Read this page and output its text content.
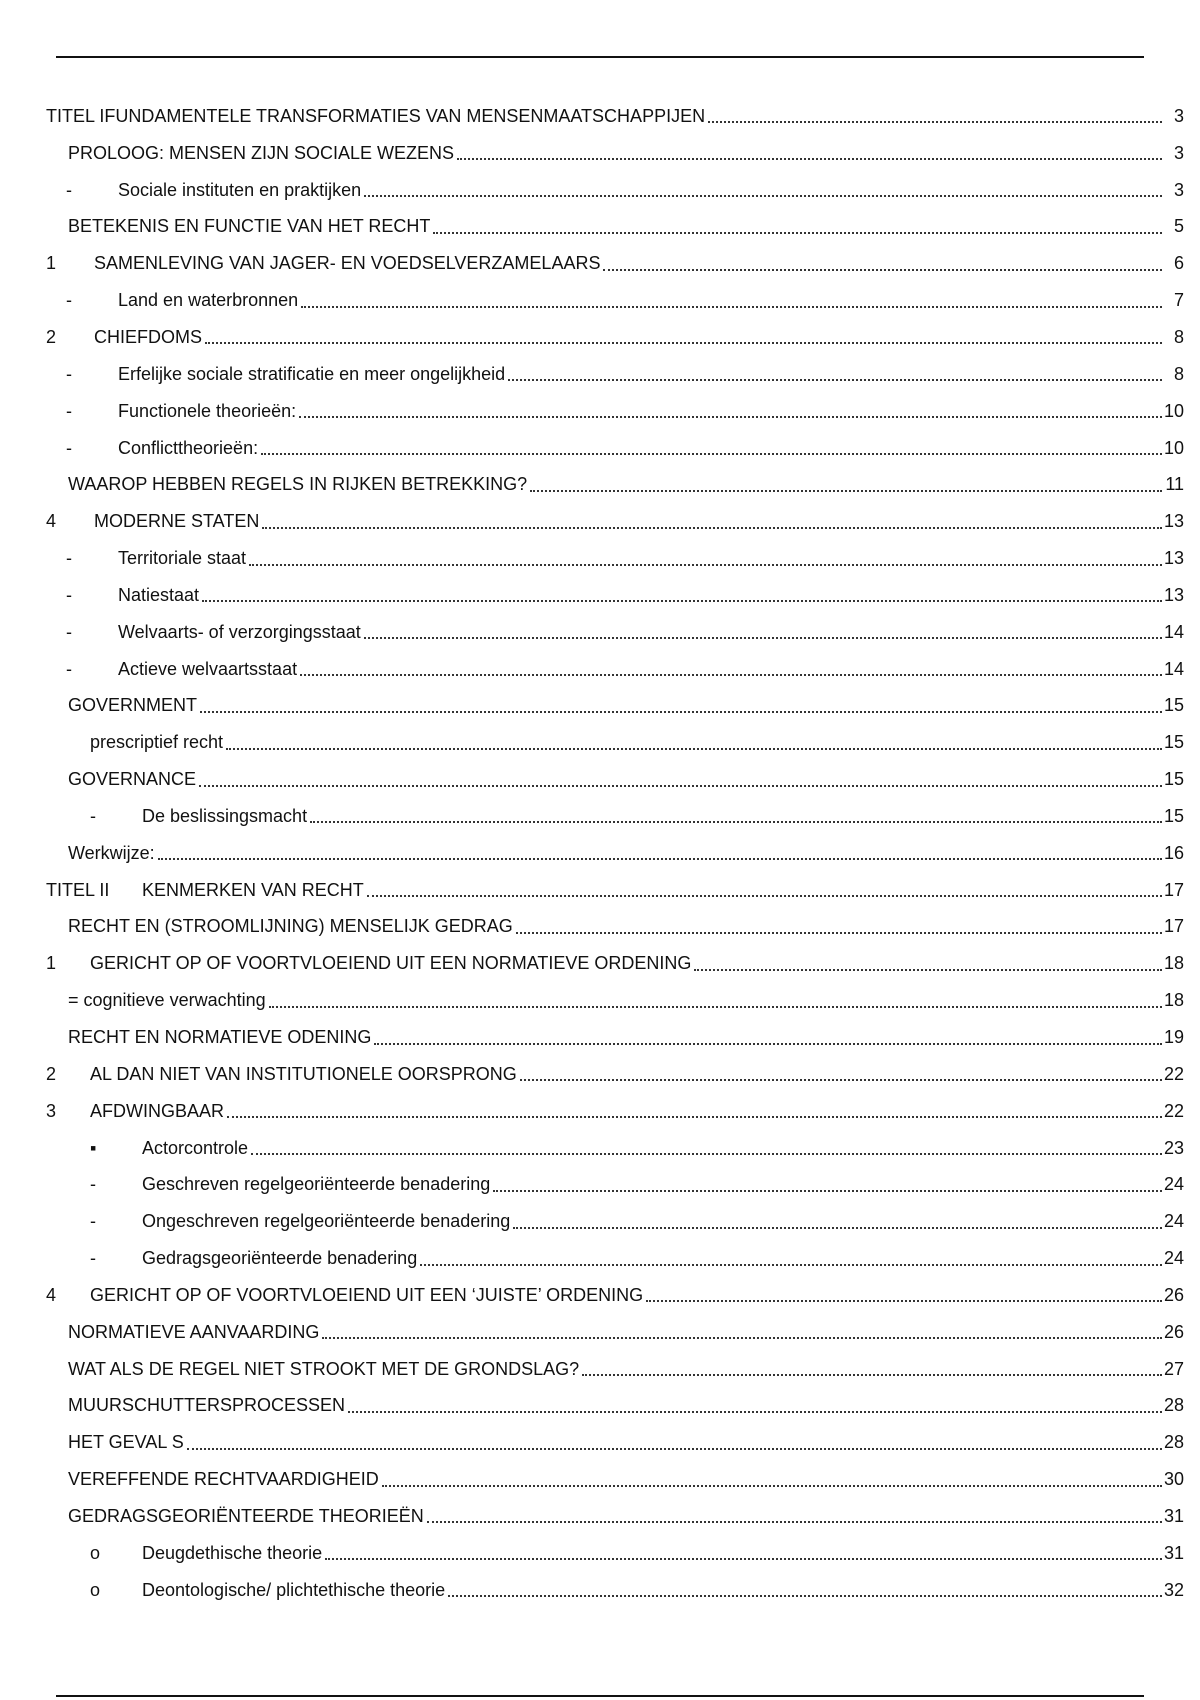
TITEL IFUNDAMENTELE TRANSFORMATIES VAN MENSENMAATSCHAPPIJEN	3
PROLOOG: MENSEN ZIJN SOCIALE WEZENS	3
-	Sociale instituten en praktijken	3
BETEKENIS EN FUNCTIE VAN HET RECHT	5
1 SAMENLEVING VAN JAGER- EN VOEDSELVERZAMELAARS	6
-	Land en waterbronnen	7
2 CHIEFDOMS	8
-	Erfelijke sociale stratificatie en meer ongelijkheid	8
-	Functionele theorieën:	10
-	Conflicttheorieën:	10
WAAROP HEBBEN REGELS IN RIJKEN BETREKKING?	11
4 MODERNE STATEN	13
-	Territoriale staat	13
-	Natiestaat	13
-	Welvaarts- of verzorgingsstaat	14
-	Actieve welvaartsstaat	14
GOVERNMENT	15
prescriptief recht	15
GOVERNANCE	15
-	De beslissingsmacht	15
Werkwijze:	16
TITEL II KENMERKEN VAN RECHT	17
RECHT EN (STROOMLIJNING) MENSELIJK GEDRAG	17
1 GERICHT OP OF VOORTVLOEIEND UIT EEN NORMATIEVE ORDENING	18
= cognitieve verwachting	18
RECHT EN NORMATIEVE ODENING	19
2 AL DAN NIET VAN INSTITUTIONELE OORSPRONG	22
3 AFDWINGBAAR	22
▪	Actorcontrole	23
-	Geschreven regelgeoriënteerde benadering	24
-	Ongeschreven regelgeoriënteerde benadering	24
-	Gedragsgeoriënteerde benadering	24
4 GERICHT OP OF VOORTVLOEIEND UIT EEN ‘JUISTE’ ORDENING	26
NORMATIEVE AANVAARDING	26
WAT ALS DE REGEL NIET STROOKT MET DE GRONDSLAG?	27
MUURSCHUTTERSPROCESSEN	28
HET GEVAL S	28
VEREFFENDE RECHTVAARDIGHEID	30
GEDRAGSGEORIËNTEERDE THEORIEËN	31
o Deugdethische theorie	31
o Deontologische/ plichtethische theorie	32
